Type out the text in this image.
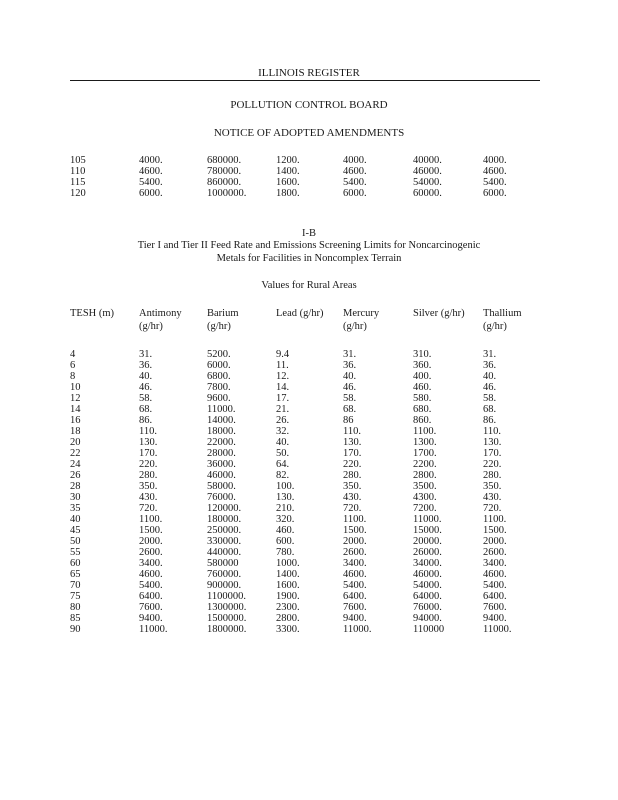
ILLINOIS REGISTER
POLLUTION CONTROL BOARD
NOTICE OF ADOPTED AMENDMENTS
105	4000.	680000.	1200.	4000.	40000.	4000.
110	4600.	780000.	1400.	4600.	46000.	4600.
115	5400.	860000.	1600.	5400.	54000.	5400.
120	6000.	1000000.	1800.	6000.	60000.	6000.
I-B
Tier I and Tier II Feed Rate and Emissions Screening Limits for Noncarcinogenic
Metals for Facilities in Noncomplex Terrain
Values for Rural Areas
TESH (m)	Antimony	Barium	Lead (g/hr)	Mercury	Silver (g/hr)	Thallium
	(g/hr)	(g/hr)		(g/hr)		(g/hr)

4	31.	5200.	9.4	31.	310.	31.
6	36.	6000.	11.	36.	360.	36.
8	40.	6800.	12.	40.	400.	40.
10	46.	7800.	14.	46.	460.	46.
12	58.	9600.	17.	58.	580.	58.
14	68.	11000.	21.	68.	680.	68.
16	86.	14000.	26.	86	860.	86.
18	110.	18000.	32.	110.	1100.	110.
20	130.	22000.	40.	130.	1300.	130.
22	170.	28000.	50.	170.	1700.	170.
24	220.	36000.	64.	220.	2200.	220.
26	280.	46000.	82.	280.	2800.	280.
28	350.	58000.	100.	350.	3500.	350.
30	430.	76000.	130.	430.	4300.	430.
35	720.	120000.	210.	720.	7200.	720.
40	1100.	180000.	320.	1100.	11000.	1100.
45	1500.	250000.	460.	1500.	15000.	1500.
50	2000.	330000.	600.	2000.	20000.	2000.
55	2600.	440000.	780.	2600.	26000.	2600.
60	3400.	580000	1000.	3400.	34000.	3400.
65	4600.	760000.	1400.	4600.	46000.	4600.
70	5400.	900000.	1600.	5400.	54000.	5400.
75	6400.	1100000.	1900.	6400.	64000.	6400.
80	7600.	1300000.	2300.	7600.	76000.	7600.
85	9400.	1500000.	2800.	9400.	94000.	9400.
90	11000.	1800000.	3300.	11000.	110000	11000.
